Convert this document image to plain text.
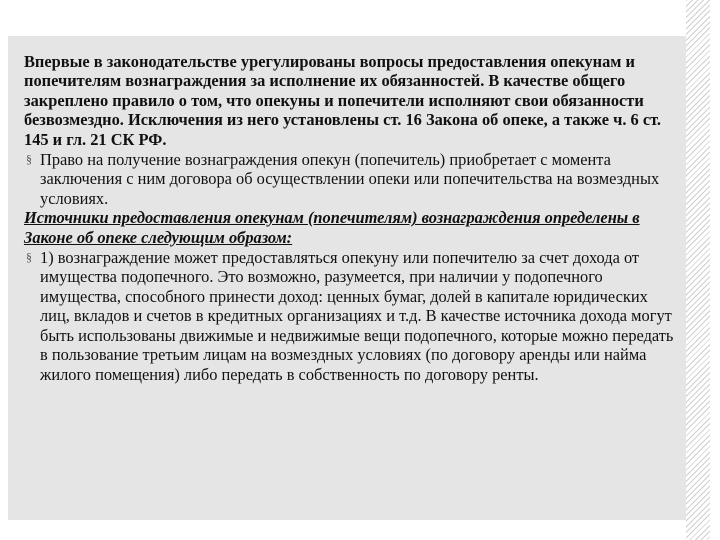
Впервые в законодательстве урегулированы вопросы предоставления опекунам и попечителям вознаграждения за исполнение их обязанностей. В качестве общего закреплено правило о том, что опекуны и попечители исполняют свои обязанности безвозмездно. Исключения из него установлены ст. 16 Закона об опеке, а также ч. 6 ст. 145 и гл. 21 СК РФ.

§ Право на получение вознаграждения опекун (попечитель) приобретает с момента заключения с ним договора об осуществлении опеки или попечительства на возмездных условиях.

Источники предоставления опекунам (попечителям) вознаграждения определены в Законе об опеке следующим образом:

§ 1) вознаграждение может предоставляться опекуну или попечителю за счет дохода от имущества подопечного. Это возможно, разумеется, при наличии у подопечного имущества, способного принести доход: ценных бумаг, долей в капитале юридических лиц, вкладов и счетов в кредитных организациях и т.д. В качестве источника дохода могут быть использованы движимые и недвижимые вещи подопечного, которые можно передать в пользование третьим лицам на возмездных условиях (по договору аренды или найма жилого помещения) либо передать в собственность по договору ренты.
